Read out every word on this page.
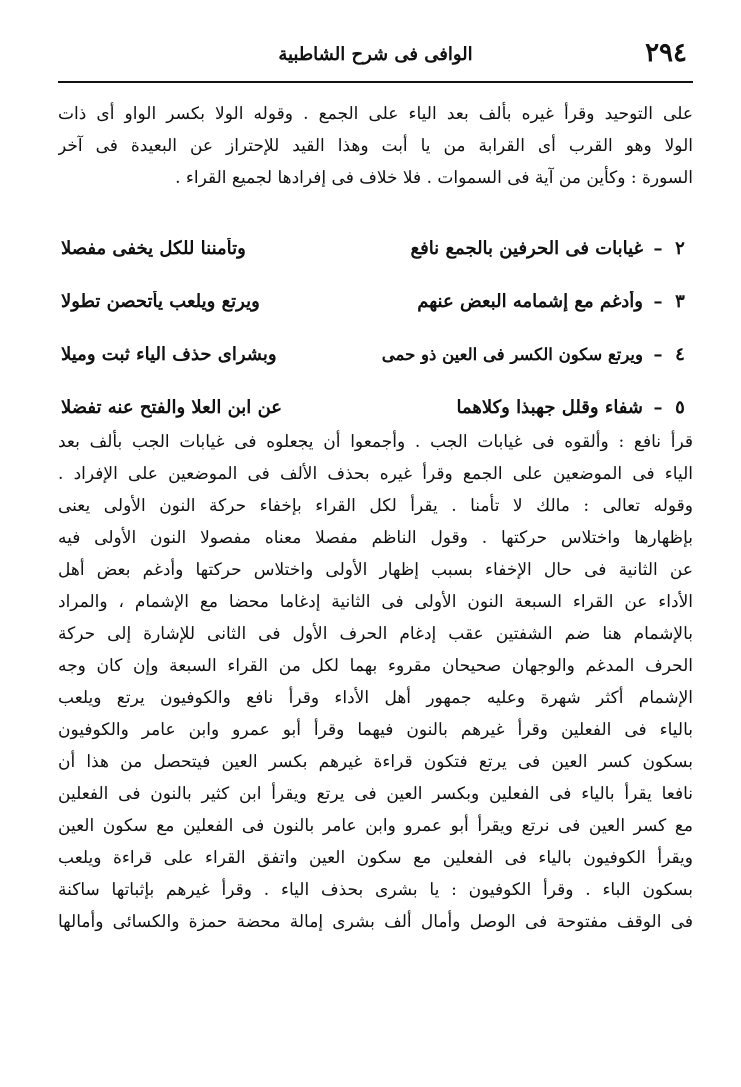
٢٩٤
الوافى فى شرح الشاطبية
على التوحيد وقرأ غيره بألف بعد الياء على الجمع . وقوله الولا بكسر الواو أى ذات
الولا وهو القرب أى القرابة من يا أبت وهذا القيد للإحتراز عن البعيدة فى آخر
السورة : وكأين من آية فى السموات . فلا خلاف فى إفرادها لجميع القراء .
٢
–
غيابات فى الحرفين بالجمع نافع
وتأمننا للكل يخفى مفصلا
٣
–
وأدغم مع إشمامه البعض عنهم
ويرتع ويلعب يأتحصن تطولا
٤
–
ويرتع سكون الكسر فى العين ذو حمى
وبشراى حذف الياء ثبت وميلا
٥
–
شفاء وقلل جهبذا وكلاهما
عن ابن العلا والفتح عنه تفضلا
قرأ نافع : وألقوه فى غيابات الجب . وأجمعوا أن يجعلوه فى غيابات الجب بألف بعد
الياء فى الموضعين على الجمع وقرأ غيره بحذف الألف فى الموضعين على الإفراد .
وقوله تعالى : مالك لا تأمنا . يقرأ لكل القراء بإخفاء حركة النون الأولى يعنى
بإظهارها واختلاس حركتها . وقول الناظم مفصلا معناه مفصولا النون الأولى فيه
عن الثانية فى حال الإخفاء بسبب إظهار الأولى واختلاس حركتها وأدغم بعض أهل
الأداء عن القراء السبعة النون الأولى فى الثانية إدغاما محضا مع الإشمام ، والمراد
بالإشمام هنا ضم الشفتين عقب إدغام الحرف الأول فى الثانى للإشارة إلى حركة
الحرف المدغم والوجهان صحيحان مقروء بهما لكل من القراء السبعة وإن كان وجه
الإشمام أكثر شهرة وعليه جمهور أهل الأداء وقرأ نافع والكوفيون يرتع ويلعب
بالياء فى الفعلين وقرأ غيرهم بالنون فيهما وقرأ أبو عمرو وابن عامر والكوفيون
بسكون كسر العين فى يرتع فتكون قراءة غيرهم بكسر العين فيتحصل من هذا أن
نافعا يقرأ بالياء فى الفعلين وبكسر العين فى يرتع ويقرأ ابن كثير بالنون فى الفعلين
مع كسر العين فى نرتع ويقرأ أبو عمرو وابن عامر بالنون فى الفعلين مع سكون العين
ويقرأ الكوفيون بالياء فى الفعلين مع سكون العين واتفق القراء على قراءة ويلعب
بسكون الباء . وقرأ الكوفيون : يا بشرى بحذف الياء . وقرأ غيرهم بإثباتها ساكنة
فى الوقف مفتوحة فى الوصل وأمال ألف بشرى إمالة محضة حمزة والكسائى وأمالها
